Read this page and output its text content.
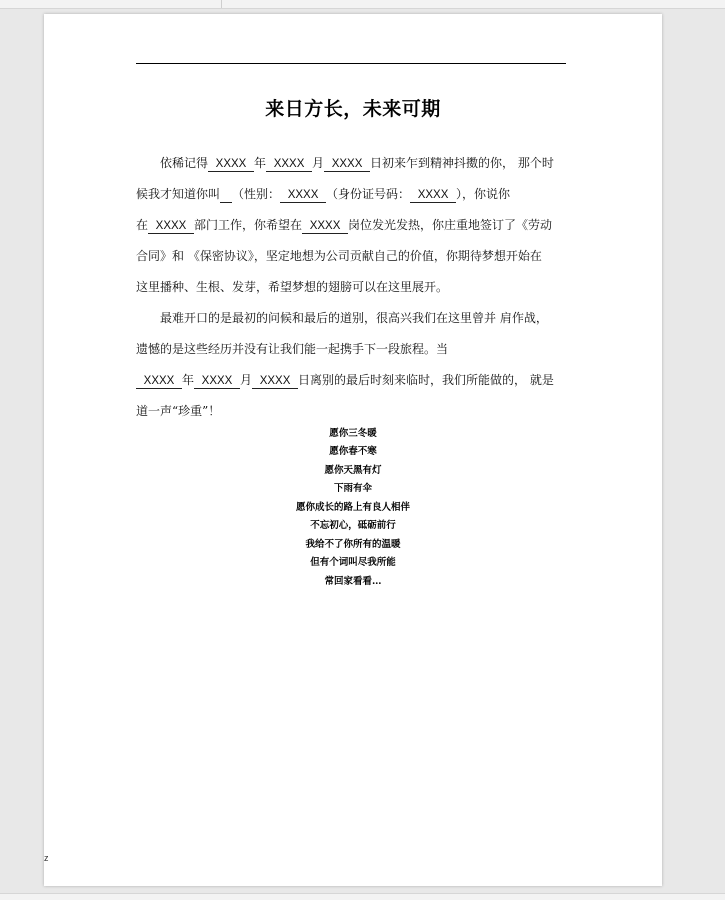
来日方长，未来可期
依稀记得 XXXX 年 XXXX 月 XXXX 日初来乍到精神抖擞的你， 那个时
候我才知道你叫 （性别： XXXX （身份证号码： XXXX ），你说你
在 XXXX 部门工作，你希望在 XXXX 岗位发光发热，你庄重地签订了《劳动
合同》和 《保密协议》，坚定地想为公司贡献自己的价值，你期待梦想开始在
这里播种、生根、发芽，希望梦想的翅膀可以在这里展开。
最难开口的是最初的问候和最后的道别，很高兴我们在这里曾并 肩作战，
遗憾的是这些经历并没有让我们能一起携手下一段旅程。当
XXXX 年 XXXX 月 XXXX 日离别的最后时刻来临时，我们所能做的， 就是
道一声“珍重”！
愿你三冬暖
愿你春不寒
愿你天黑有灯
下雨有伞
愿你成长的路上有良人相伴
不忘初心，砥砺前行
我给不了你所有的温暖
但有个词叫尽我所能
常回家看看…
z
